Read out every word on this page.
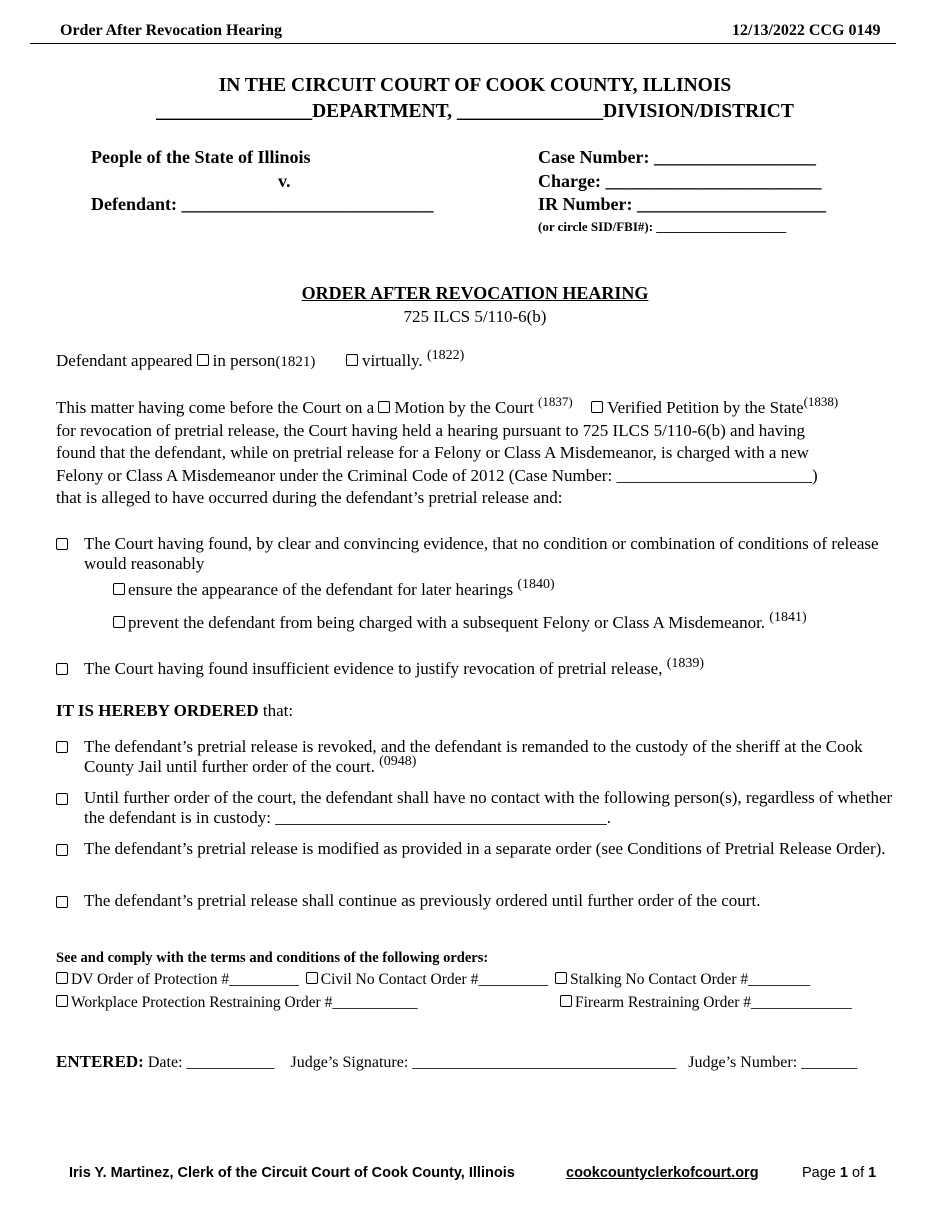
Order After Revocation Hearing	12/13/2022 CCG 0149
IN THE CIRCUIT COURT OF COOK COUNTY, ILLINOIS
________________DEPARTMENT, _______________DIVISION/DISTRICT
People of the State of Illinois
v.
Defendant: ____________________________
Case Number: __________________
Charge: ________________________
IR Number: _____________________
(or circle SID/FBI#): ____________________
ORDER AFTER REVOCATION HEARING
725 ILCS 5/110-6(b)
Defendant appeared in person(1821)	virtually. $^{(1822)}$
This matter having come before the Court on a Motion by the Court $^{(1837)}$ Verified Petition by the State$^{(1838)}$
for revocation of pretrial release, the Court having held a hearing pursuant to 725 ILCS 5/110-6(b) and having
found that the defendant, while on pretrial release for a Felony or Class A Misdemeanor, is charged with a new
Felony or Class A Misdemeanor under the Criminal Code of 2012 (Case Number: _______________________)
that is alleged to have occurred during the defendant’s pretrial release and:
The Court having found, by clear and convincing evidence, that no condition or combination of conditions of release would reasonably
ensure the appearance of the defendant for later hearings $^{(1840)}$
prevent the defendant from being charged with a subsequent Felony or Class A Misdemeanor. $^{(1841)}$
The Court having found insufficient evidence to justify revocation of pretrial release, $^{(1839)}$
IT IS HEREBY ORDERED that:
The defendant’s pretrial release is revoked, and the defendant is remanded to the custody of the sheriff at the Cook County Jail until further order of the court. $^{(0948)}$
Until further order of the court, the defendant shall have no contact with the following person(s), regardless of whether the defendant is in custody: _______________________________________.
The defendant’s pretrial release is modified as provided in a separate order (see Conditions of Pretrial Release Order).
The defendant’s pretrial release shall continue as previously ordered until further order of the court.
See and comply with the terms and conditions of the following orders:
DV Order of Protection #_________ Civil No Contact Order #_________ Stalking No Contact Order #________
Workplace Protection Restraining Order #___________	Firearm Restraining Order #_____________
ENTERED: Date: ___________ Judge’s Signature: _________________________________ Judge’s Number: _______
Iris Y. Martinez, Clerk of the Circuit Court of Cook County, Illinois	cookcountyclerkofcourt.org	Page 1 of 1
